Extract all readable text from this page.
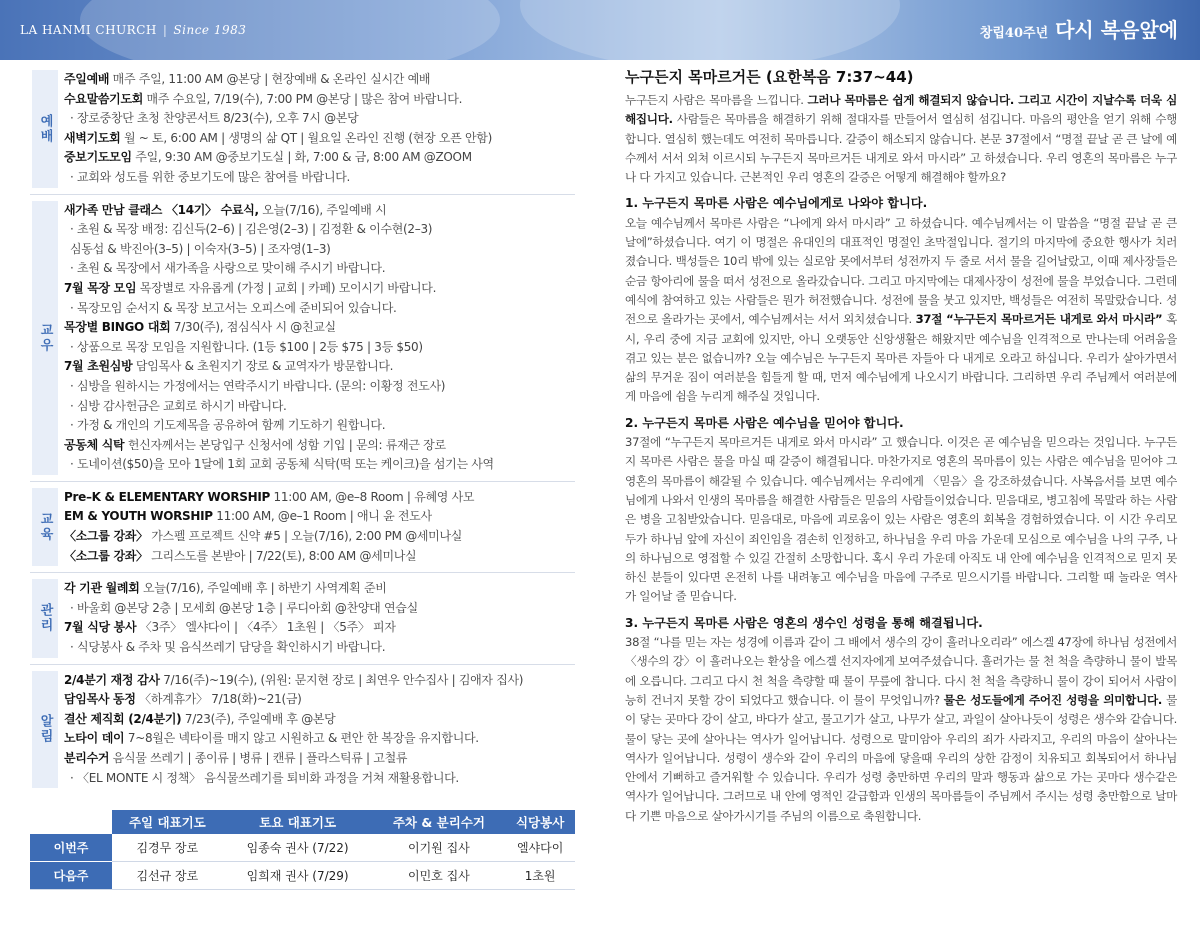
LA HANMI CHURCH | Since 1983	창립40주년 다시 복음앞에
예배
주일예배 매주 주일, 11:00 AM @본당 | 현장예배 & 온라인 실시간 예배
수요말씀기도회 매주 수요일, 7/19(수), 7:00 PM @본당 | 많은 참여 바랍니다.
· 장로중창단 초청 찬양콘서트 8/23(수), 오후 7시 @본당
새벽기도회 월 ~ 토, 6:00 AM | 생명의 삶 QT | 월요일 온라인 진행 (현장 오픈 안함)
중보기도모임 주일, 9:30 AM @중보기도실 | 화, 7:00 & 금, 8:00 AM @ZOOM
· 교회와 성도를 위한 중보기도에 많은 참여를 바랍니다.
교우
새가족 만남 클래스 〈14기〉 수료식, 오늘(7/16), 주일예배 시
· 초원 & 목장 배정: 김신득(2–6) | 김은영(2–3) | 김정환 & 이수현(2–3)
심동섭 & 박진아(3–5) | 이숙자(3–5) | 조자영(1–3)
· 초원 & 목장에서 새가족을 사랑으로 맞이해 주시기 바랍니다.
7월 목장 모임 목장별로 자유롭게 (가정 | 교회 | 카페) 모이시기 바랍니다.
· 목장모임 순서지 & 목장 보고서는 오피스에 준비되어 있습니다.
목장별 BINGO 대회 7/30(주), 점심식사 시 @친교실
· 상품으로 목장 모임을 지원합니다. (1등 $100 | 2등 $75 | 3등 $50)
7월 초원심방 담임목사 & 초원지기 장로 & 교역자가 방문합니다.
· 심방을 원하시는 가정에서는 연락주시기 바랍니다. (문의: 이황정 전도사)
· 심방 감사헌금은 교회로 하시기 바랍니다.
· 가정 & 개인의 기도제목을 공유하여 함께 기도하기 원합니다.
공동체 식탁 헌신자께서는 본당입구 신청서에 성함 기입 | 문의: 류재근 장로
· 도네이션($50)을 모아 1달에 1회 교회 공동체 식탁(떡 또는 케이크)을 섬기는 사역
교육
Pre–K & ELEMENTARY WORSHIP 11:00 AM, @e–8 Room | 유혜영 사모
EM & YOUTH WORSHIP 11:00 AM, @e–1 Room | 애니 윤 전도사
〈소그룹 강좌〉 가스펠 프로젝트 신약 #5 | 오늘(7/16), 2:00 PM @세미나실
〈소그룹 강좌〉 그리스도를 본받아 | 7/22(토), 8:00 AM @세미나실
관리
각 기관 월례회 오늘(7/16), 주일예배 후 | 하반기 사역계획 준비
· 바울회 @본당 2층 | 모세회 @본당 1층 | 루디아회 @찬양대 연습실
7월 식당 봉사 〈3주〉 엘샤다이 | 〈4주〉 1초원 | 〈5주〉 피자
· 식당봉사 & 주차 및 음식쓰레기 담당을 확인하시기 바랍니다.
알림
2/4분기 재정 감사 7/16(주)~19(수), (위원: 문지현 장로 | 최연우 안수집사 | 김애자 집사)
담임목사 동정 〈하계휴가〉 7/18(화)~21(금)
결산 제직회 (2/4분기) 7/23(주), 주일예배 후 @본당
노타이 데이 7~8월은 넥타이를 매지 않고 시원하고 & 편안 한 복장을 유지합니다.
분리수거 음식물 쓰레기 | 종이류 | 병류 | 캔류 | 플라스틱류 | 고철류
· 〈EL MONTE 시 정책〉 음식물쓰레기를 퇴비화 과정을 거쳐 재활용합니다.
	주일 대표기도	토요 대표기도	주차 & 분리수거	식당봉사
이번주	김경무 장로	임종숙 권사 (7/22)	이기원 집사	엘샤다이
다음주	김선규 장로	임희재 권사 (7/29)	이민호 집사	1초원
누구든지 목마르거든 (요한복음 7:37~44)
누구든지 사람은 목마름을 느낍니다. 그러나 목마름은 쉽게 해결되지 않습니다. 그리고 시간이 지날수록 더욱 심해집니다. 사람들은 목마름을 해결하기 위해 절대자를 만들어서 열심히 섬깁니다. 마음의 평안을 얻기 위해 수행합니다. 열심히 했는데도 여전히 목마릅니다. 갈증이 해소되지 않습니다. 본문 37절에서 “명절 끝날 곧 큰 날에 예수께서 서서 외쳐 이르시되 누구든지 목마르거든 내게로 와서 마시라” 고 하셨습니다. 우리 영혼의 목마름은 누구나 다 가지고 있습니다. 근본적인 우리 영혼의 갈증은 어떻게 해결해야 할까요?
1. 누구든지 목마른 사람은 예수님에게로 나와야 합니다.
오늘 예수님께서 목마른 사람은 “나에게 와서 마시라” 고 하셨습니다. 예수님께서는 이 말씀을 “명절 끝날 곧 큰 날에”하셨습니다. 여기 이 명절은 유대인의 대표적인 명절인 초막절입니다. 절기의 마지막에 중요한 행사가 치러졌습니다. 백성들은 10리 밖에 있는 실로암 못에서부터 성전까지 두 줄로 서서 물을 길어날랐고, 이때 제사장들은 순금 항아리에 물을 떠서 성전으로 올라갔습니다. 그리고 마지막에는 대제사장이 성전에 물을 부었습니다. 그런데 예식에 참여하고 있는 사람들은 뭔가 허전했습니다. 성전에 물을 붓고 있지만, 백성들은 여전히 목말랐습니다. 성전으로 올라가는 곳에서, 예수님께서는 서서 외치셨습니다. 37절 “누구든지 목마르거든 내게로 와서 마시라” 혹시, 우리 중에 지금 교회에 있지만, 아니 오랫동안 신앙생활은 해왔지만 예수님을 인격적으로 만나는데 어려움을 겪고 있는 분은 없습니까? 오늘 예수님은 누구든지 목마른 자들아 다 내게로 오라고 하십니다. 우리가 살아가면서 삶의 무거운 짐이 여러분을 힘들게 할 때, 먼저 예수님에게 나오시기 바랍니다. 그리하면 우리 주님께서 여러분에게 마음에 쉼을 누리게 해주실 것입니다.
2. 누구든지 목마른 사람은 예수님을 믿어야 합니다.
37절에 “누구든지 목마르거든 내게로 와서 마시라” 고 했습니다. 이것은 곧 예수님을 믿으라는 것입니다. 누구든지 목마른 사람은 물을 마실 때 갈증이 해결됩니다. 마찬가지로 영혼의 목마름이 있는 사람은 예수님을 믿어야 그 영혼의 목마름이 해갈될 수 있습니다. 예수님께서는 우리에게 〈믿음〉을 강조하셨습니다. 사복음서를 보면 예수님에게 나와서 인생의 목마름을 해결한 사람들은 믿음의 사람들이었습니다. 믿음대로, 병고침에 목말라 하는 사람은 병을 고침받았습니다. 믿음대로, 마음에 괴로움이 있는 사람은 영혼의 회복을 경험하였습니다. 이 시간 우리모두가 하나님 앞에 자신이 죄인임을 겸손히 인정하고, 하나님을 우리 마음 가운데 모심으로 예수님을 나의 구주, 나의 하나님으로 영접할 수 있길 간절히 소망합니다. 혹시 우리 가운데 아직도 내 안에 예수님을 인격적으로 믿지 못하신 분들이 있다면 온전히 나를 내려놓고 예수님을 마음에 구주로 믿으시기를 바랍니다. 그리할 때 놀라운 역사가 일어날 줄 믿습니다.
3. 누구든지 목마른 사람은 영혼의 생수인 성령을 통해 해결됩니다.
38절 “나를 믿는 자는 성경에 이름과 같이 그 배에서 생수의 강이 흘러나오리라” 에스겔 47장에 하나님 성전에서 〈생수의 강〉이 흘러나오는 환상을 에스겔 선지자에게 보여주셨습니다. 흘러가는 물 천 척을 측량하니 물이 발목에 오릅니다. 그리고 다시 천 척을 측량할 때 물이 무릎에 찹니다. 다시 천 척을 측량하니 물이 강이 되어서 사람이 능히 건너지 못할 강이 되었다고 했습니다. 이 물이 무엇입니까? 물은 성도들에게 주어진 성령을 의미합니다. 물이 닿는 곳마다 강이 살고, 바다가 살고, 물고기가 살고, 나무가 살고, 과일이 살아나듯이 성령은 생수와 같습니다. 물이 닿는 곳에 살아나는 역사가 일어납니다. 성령으로 말미암아 우리의 죄가 사라지고, 우리의 마음이 살아나는 역사가 일어납니다. 성령이 생수와 같이 우리의 마음에 닿을때 우리의 상한 감정이 치유되고 회복되어서 하나님 안에서 기뻐하고 즐거워할 수 있습니다. 우리가 성령 충만하면 우리의 말과 행동과 삶으로 가는 곳마다 생수같은 역사가 일어납니다. 그러므로 내 안에 영적인 갈급함과 인생의 목마름들이 주님께서 주시는 성령 충만함으로 날마다 기쁜 마음으로 살아가시기를 주님의 이름으로 축원합니다.
